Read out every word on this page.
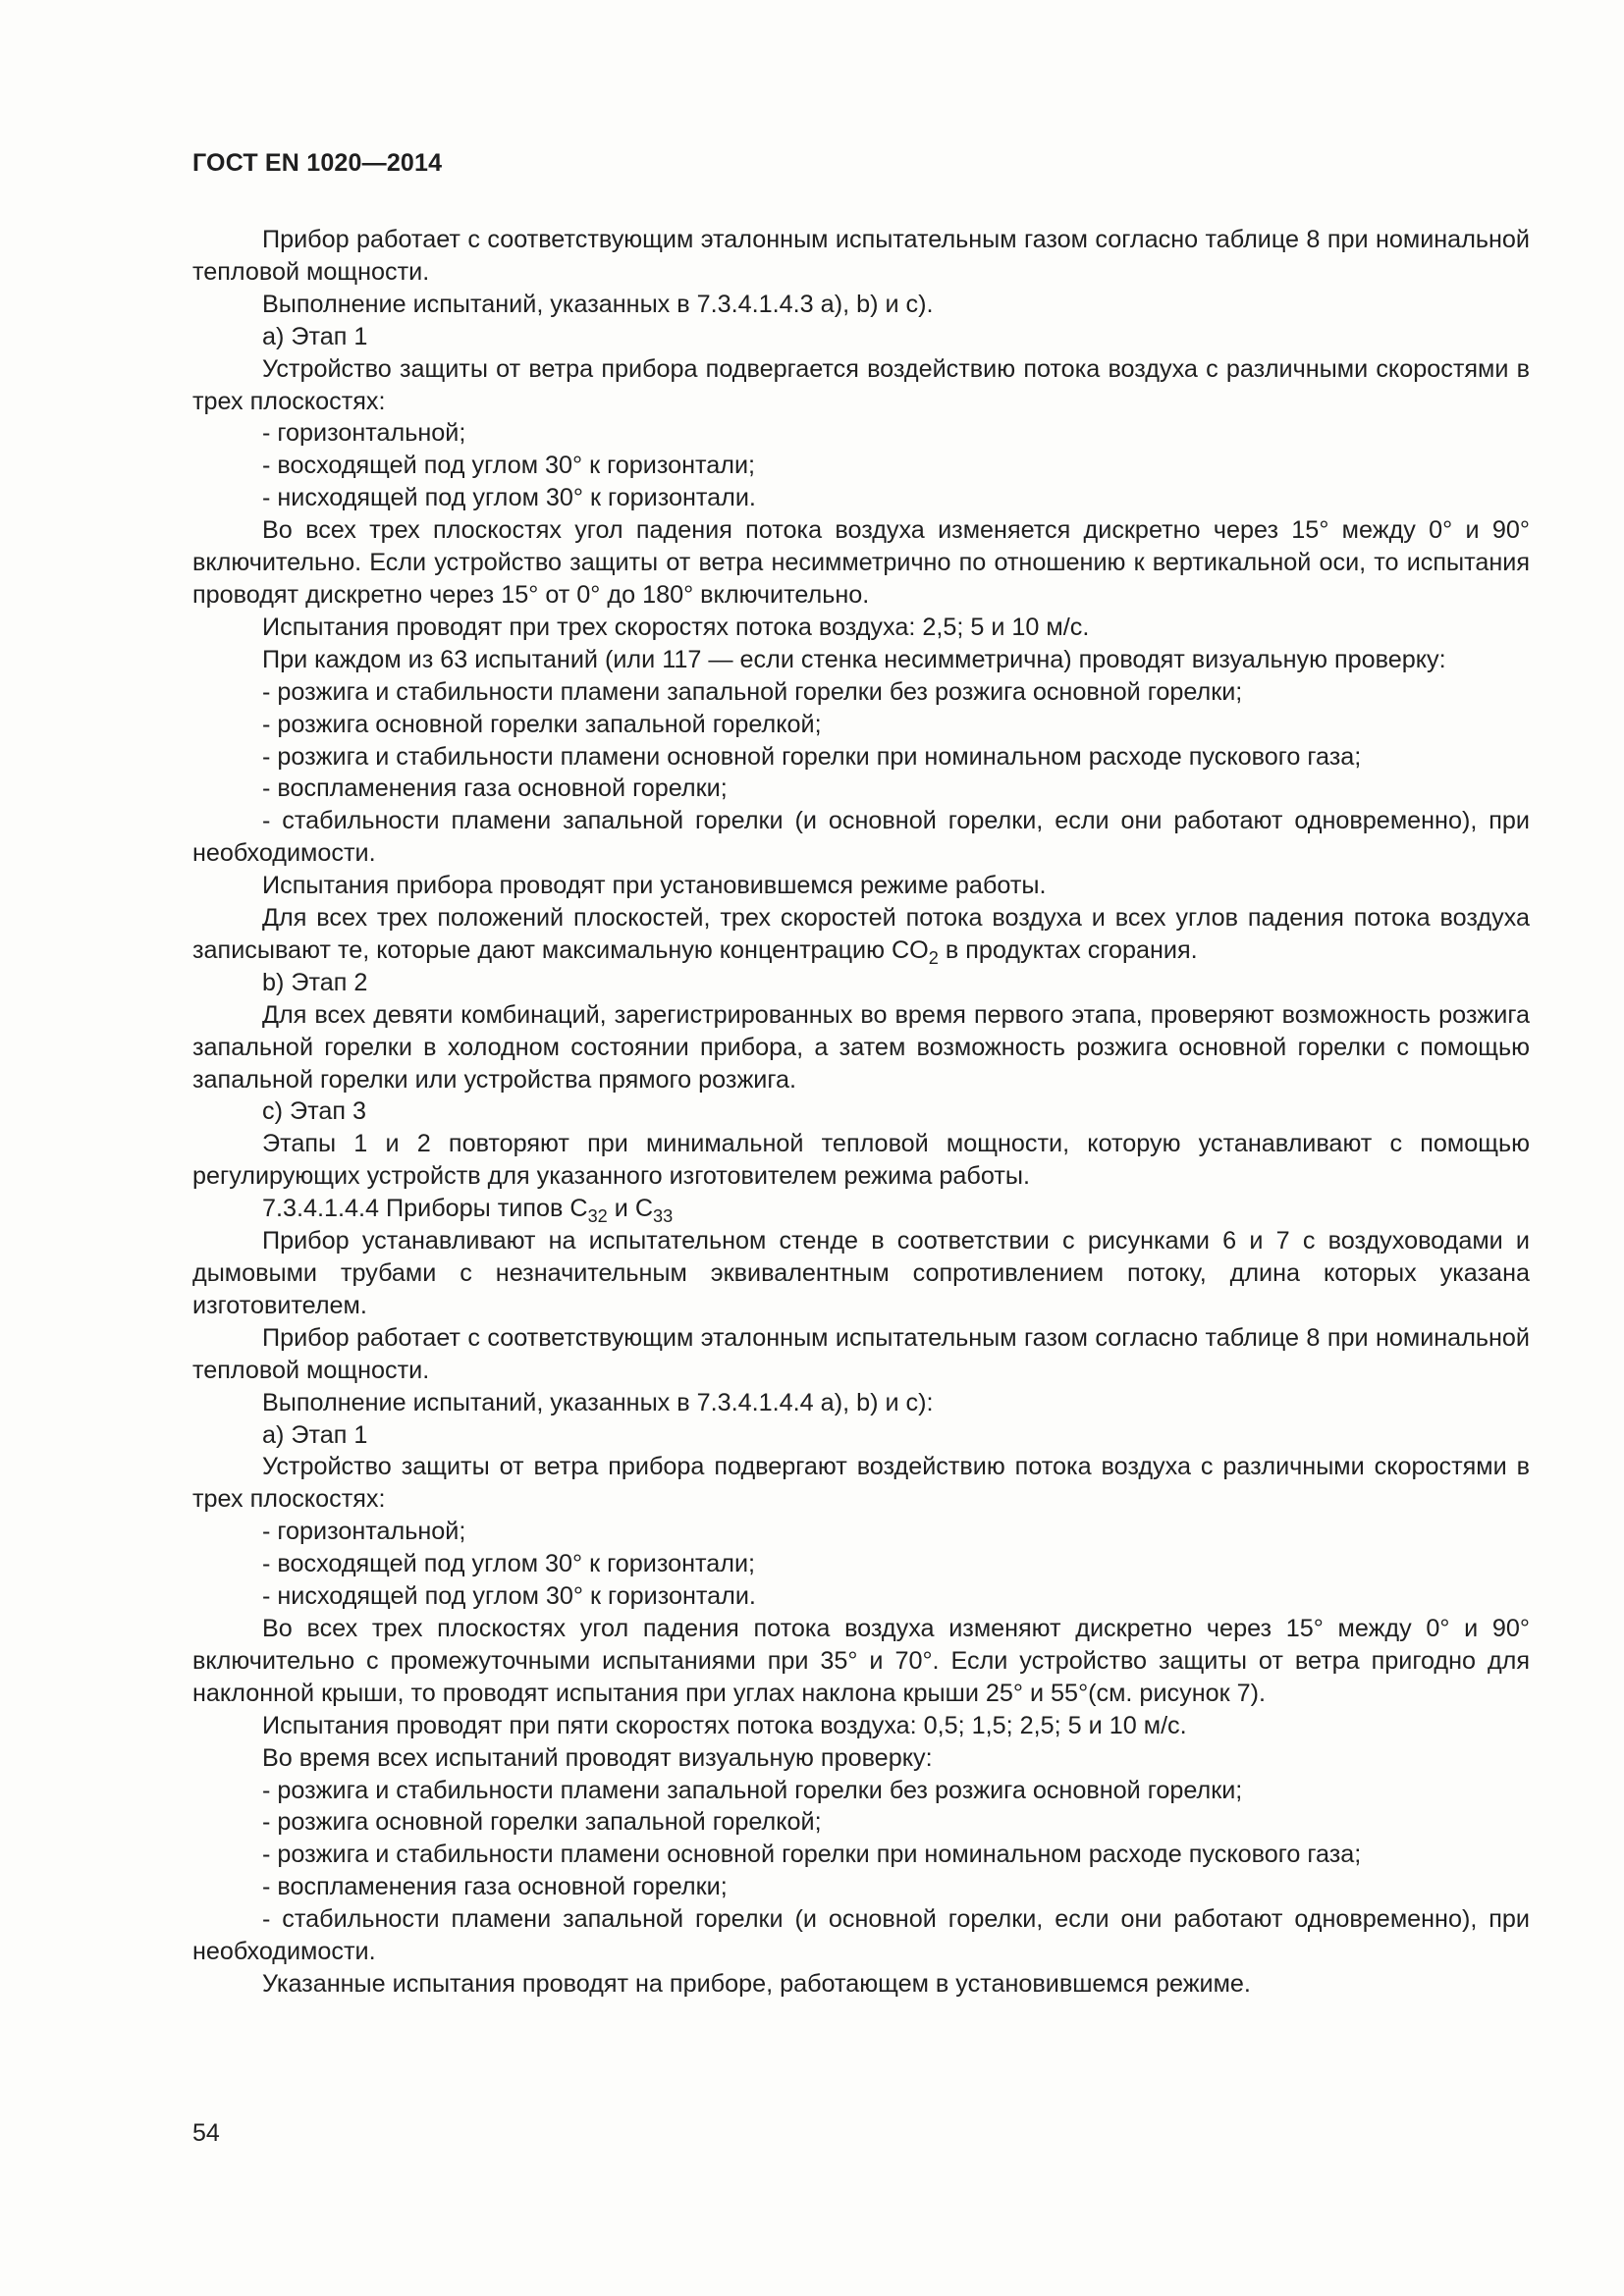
ГОСТ EN 1020—2014

Прибор работает с соответствующим эталонным испытательным газом согласно таблице 8 при номинальной тепловой мощности.

Выполнение испытаний, указанных в 7.3.4.1.4.3 а), b) и с).

а) Этап 1

Устройство защиты от ветра прибора подвергается воздействию потока воздуха с различными скоростями в трех плоскостях:

- горизонтальной;

- восходящей под углом 30° к горизонтали;

- нисходящей под углом 30° к горизонтали.

Во всех трех плоскостях угол падения потока воздуха изменяется дискретно через 15° между 0° и 90° включительно. Если устройство защиты от ветра несимметрично по отношению к вертикальной оси, то испытания проводят дискретно через 15° от 0° до 180° включительно.

Испытания проводят при трех скоростях потока воздуха: 2,5; 5 и 10 м/с.

При каждом из 63 испытаний (или 117 — если стенка несимметрична) проводят визуальную проверку:

- розжига и стабильности пламени запальной горелки без розжига основной горелки;

- розжига основной горелки запальной горелкой;

- розжига и стабильности пламени основной горелки при номинальном расходе пускового газа;

- воспламенения газа основной горелки;

- стабильности пламени запальной горелки (и основной горелки, если они работают одновременно), при необходимости.

Испытания прибора проводят при установившемся режиме работы.

Для всех трех положений плоскостей, трех скоростей потока воздуха и всех углов падения потока воздуха записывают те, которые дают максимальную концентрацию $CO_2$ в продуктах сгорания.

b) Этап 2

Для всех девяти комбинаций, зарегистрированных во время первого этапа, проверяют возможность розжига запальной горелки в холодном состоянии прибора, а затем возможность розжига основной горелки с помощью запальной горелки или устройства прямого розжига.

с) Этап 3

Этапы 1 и 2 повторяют при минимальной тепловой мощности, которую устанавливают с помощью регулирующих устройств для указанного изготовителем режима работы.

7.3.4.1.4.4 Приборы типов $C_{32}$ и $C_{33}$

Прибор устанавливают на испытательном стенде в соответствии с рисунками 6 и 7 с воздуховодами и дымовыми трубами с незначительным эквивалентным сопротивлением потоку, длина которых указана изготовителем.

Прибор работает с соответствующим эталонным испытательным газом согласно таблице 8 при номинальной тепловой мощности.

Выполнение испытаний, указанных в 7.3.4.1.4.4 а), b) и с):

а) Этап 1

Устройство защиты от ветра прибора подвергают воздействию потока воздуха с различными скоростями в трех плоскостях:

- горизонтальной;

- восходящей под углом 30° к горизонтали;

- нисходящей под углом 30° к горизонтали.

Во всех трех плоскостях угол падения потока воздуха изменяют дискретно через 15° между 0° и 90° включительно с промежуточными испытаниями при 35° и 70°. Если устройство защиты от ветра пригодно для наклонной крыши, то проводят испытания при углах наклона крыши 25° и 55°(см. рисунок 7).

Испытания проводят при пяти скоростях потока воздуха: 0,5; 1,5; 2,5; 5 и 10 м/с.

Во время всех испытаний проводят визуальную проверку:

- розжига и стабильности пламени запальной горелки без розжига основной горелки;

- розжига основной горелки запальной горелкой;

- розжига и стабильности пламени основной горелки при номинальном расходе пускового газа;

- воспламенения газа основной горелки;

- стабильности пламени запальной горелки (и основной горелки, если они работают одновременно), при необходимости.

Указанные испытания проводят на приборе, работающем в установившемся режиме.

54
